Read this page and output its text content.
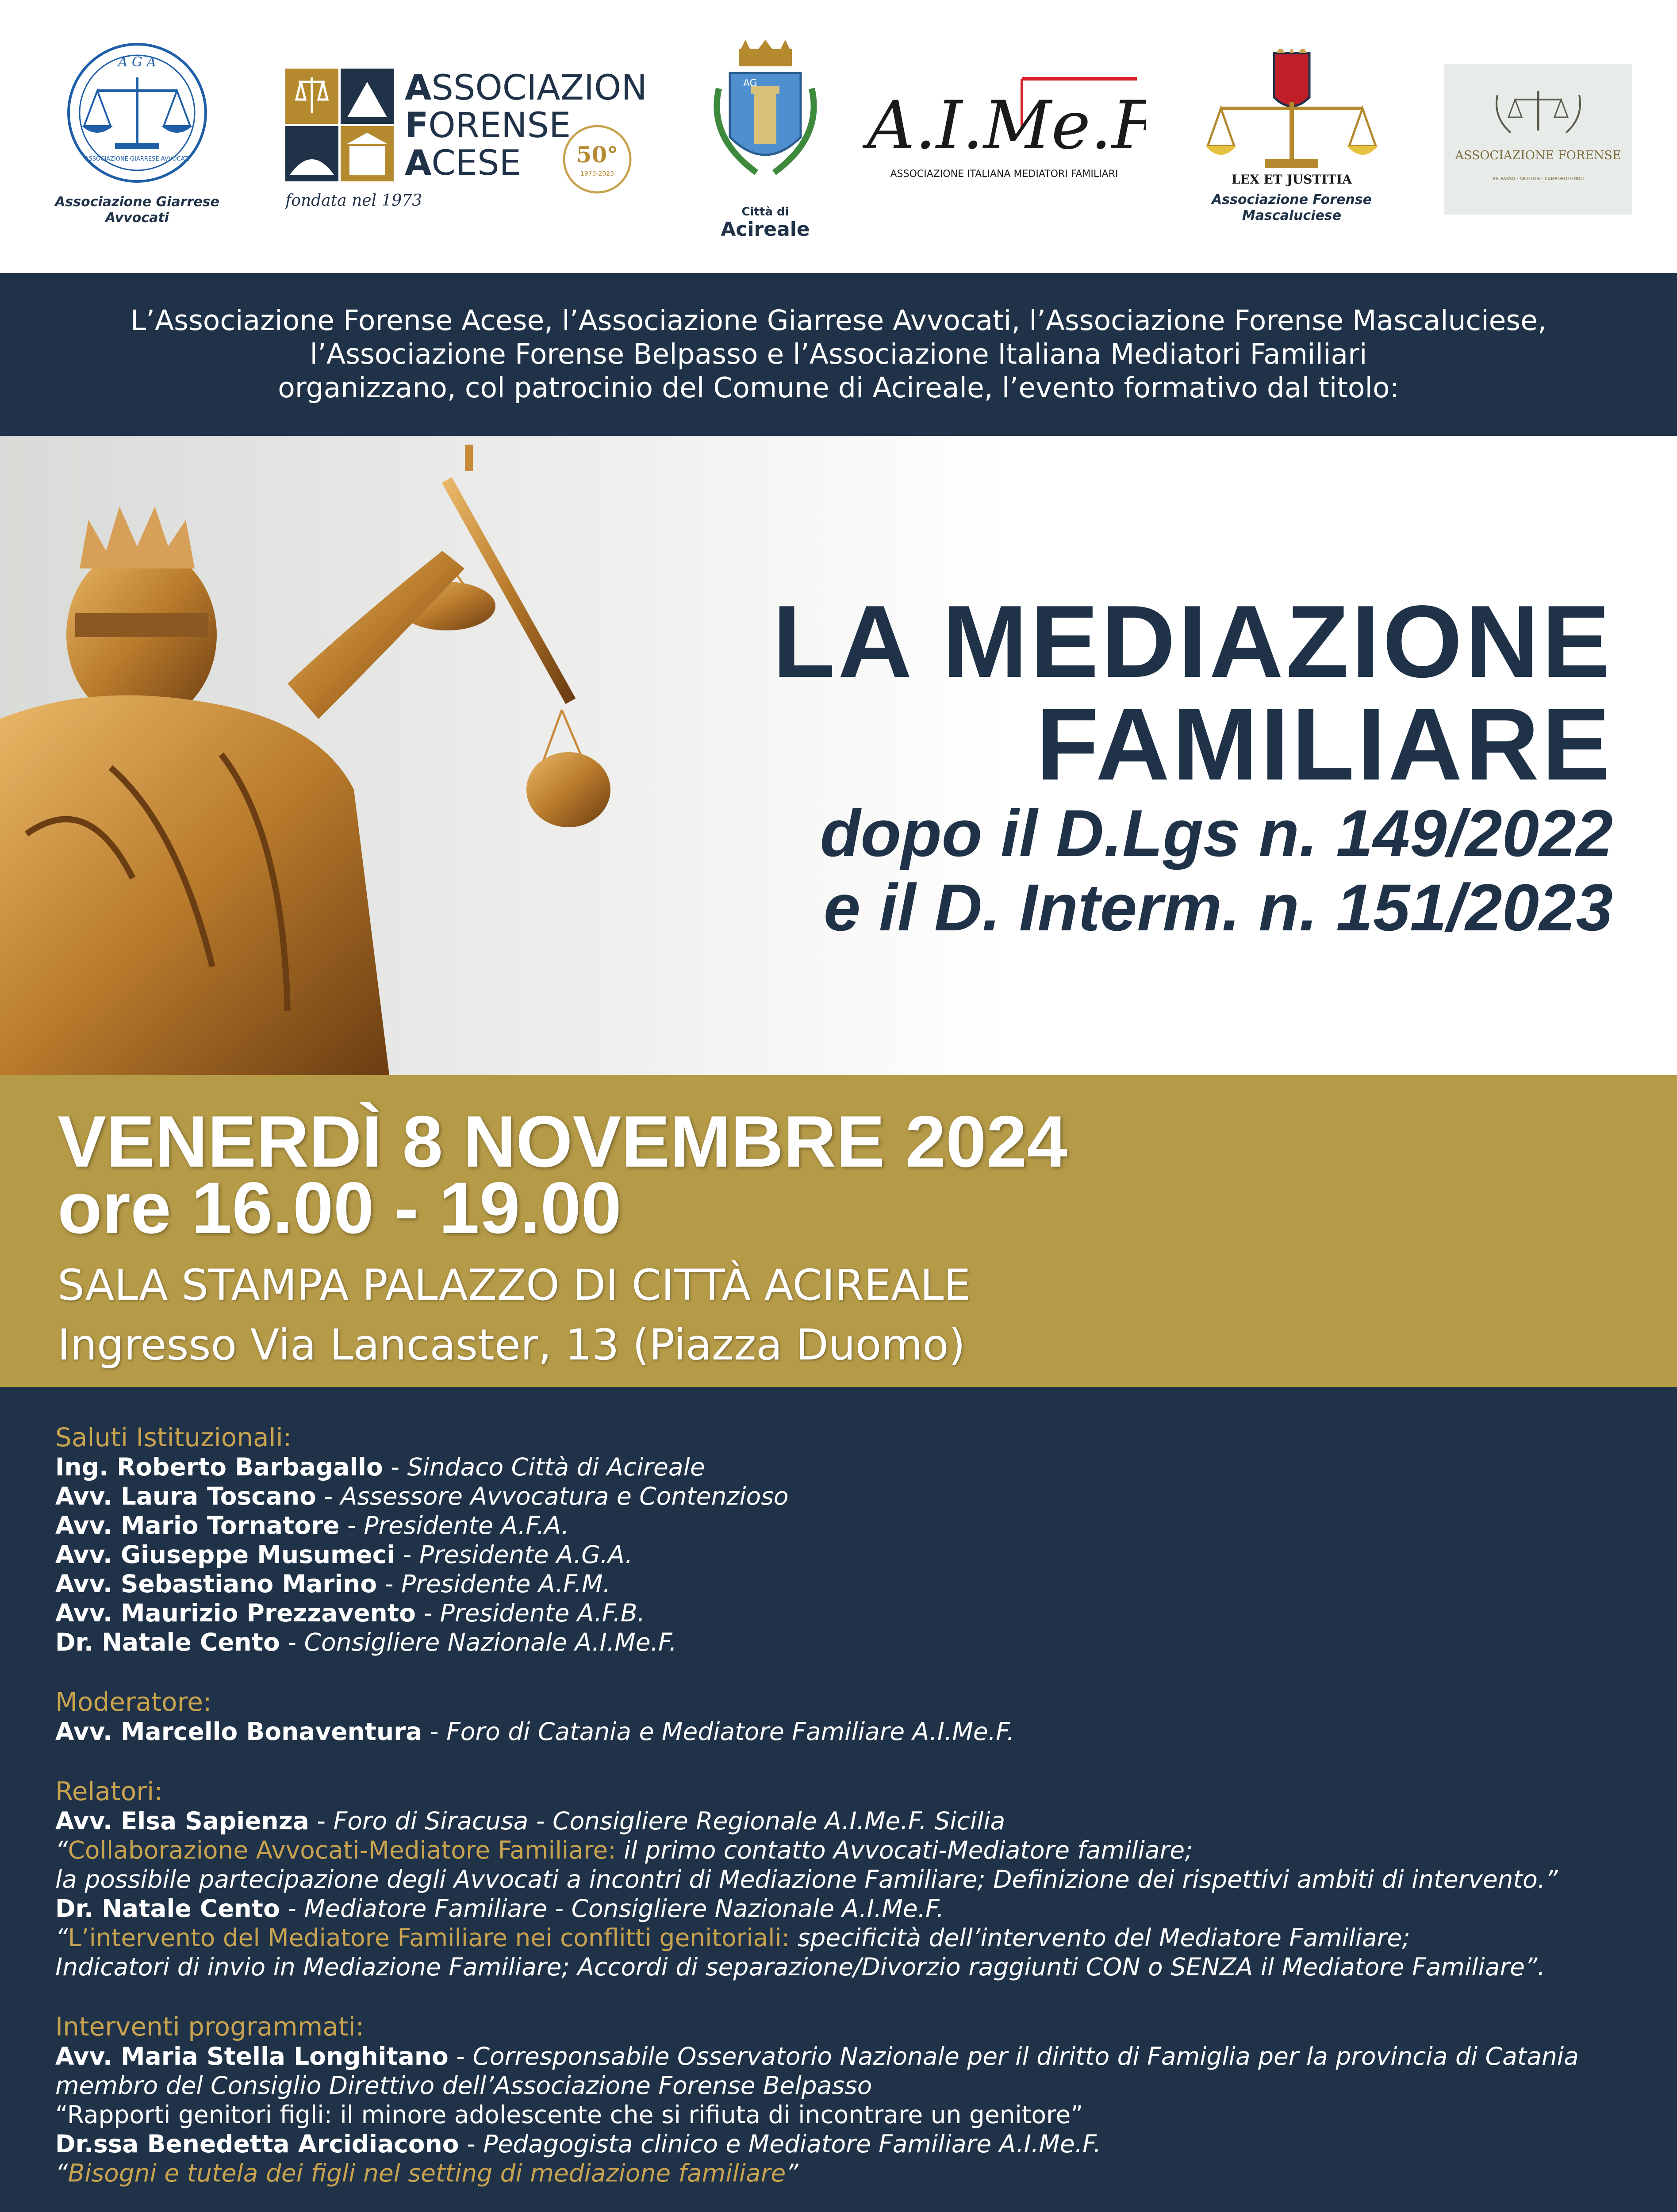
A G A
ASSOCIAZIONE GIARRESE AVVOCATI
Associazione Giarrese
Avvocati
ASSOCIAZIONE
FORENSE
ACESE
fondata nel 1973
50°
1973-2023
AG
Città di
Acireale
A.I.Me.F.
ASSOCIAZIONE ITALIANA MEDIATORI FAMILIARI	LEX ET JUSTITIA
Associazione Forense
Mascaluciese
ASSOCIAZIONE FORENSE
BELPASSO · NICOLOSI · CAMPOROTONDO

L’Associazione Forense Acese, l’Associazione Giarrese Avvocati, l’Associazione Forense Mascaluciese,
l’Associazione Forense Belpasso e l’Associazione Italiana Mediatori Familiari
organizzano, col patrocinio del Comune di Acireale, l’evento formativo dal titolo:

LA MEDIAZIONE
FAMILIARE
dopo il D.Lgs n. 149/2022
e il D. Interm. n. 151/2023
VENERDÌ 8 NOVEMBRE 2024
ore 16.00 - 19.00
SALA STAMPA PALAZZO DI CITTÀ ACIREALE
Ingresso Via Lancaster, 13 (Piazza Duomo)
Saluti Istituzionali:
Ing. Roberto Barbagallo - Sindaco Città di Acireale
Avv. Laura Toscano - Assessore Avvocatura e Contenzioso
Avv. Mario Tornatore - Presidente A.F.A.
Avv. Giuseppe Musumeci - Presidente A.G.A.
Avv. Sebastiano Marino - Presidente A.F.M.
Avv. Maurizio Prezzavento - Presidente A.F.B.
Dr. Natale Cento - Consigliere Nazionale A.I.Me.F.
Moderatore:
Avv. Marcello Bonaventura - Foro di Catania e Mediatore Familiare A.I.Me.F.
Relatori:
Avv. Elsa Sapienza - Foro di Siracusa - Consigliere Regionale A.I.Me.F. Sicilia
“Collaborazione Avvocati-Mediatore Familiare: il primo contatto Avvocati-Mediatore familiare;
la possibile partecipazione degli Avvocati a incontri di Mediazione Familiare; Definizione dei rispettivi ambiti di intervento.”
Dr. Natale Cento - Mediatore Familiare - Consigliere Nazionale A.I.Me.F.
“L’intervento del Mediatore Familiare nei conflitti genitoriali: specificità dell’intervento del Mediatore Familiare;
Indicatori di invio in Mediazione Familiare; Accordi di separazione/Divorzio raggiunti CON o SENZA il Mediatore Familiare”.
Interventi programmati:
Avv. Maria Stella Longhitano - Corresponsabile Osservatorio Nazionale per il diritto di Famiglia per la provincia di Catania
membro del Consiglio Direttivo dell’Associazione Forense Belpasso
“Rapporti genitori figli: il minore adolescente che si rifiuta di incontrare un genitore”
Dr.ssa Benedetta Arcidiacono - Pedagogista clinico e Mediatore Familiare A.I.Me.F.
“Bisogni e tutela dei figli nel setting di mediazione familiare”
